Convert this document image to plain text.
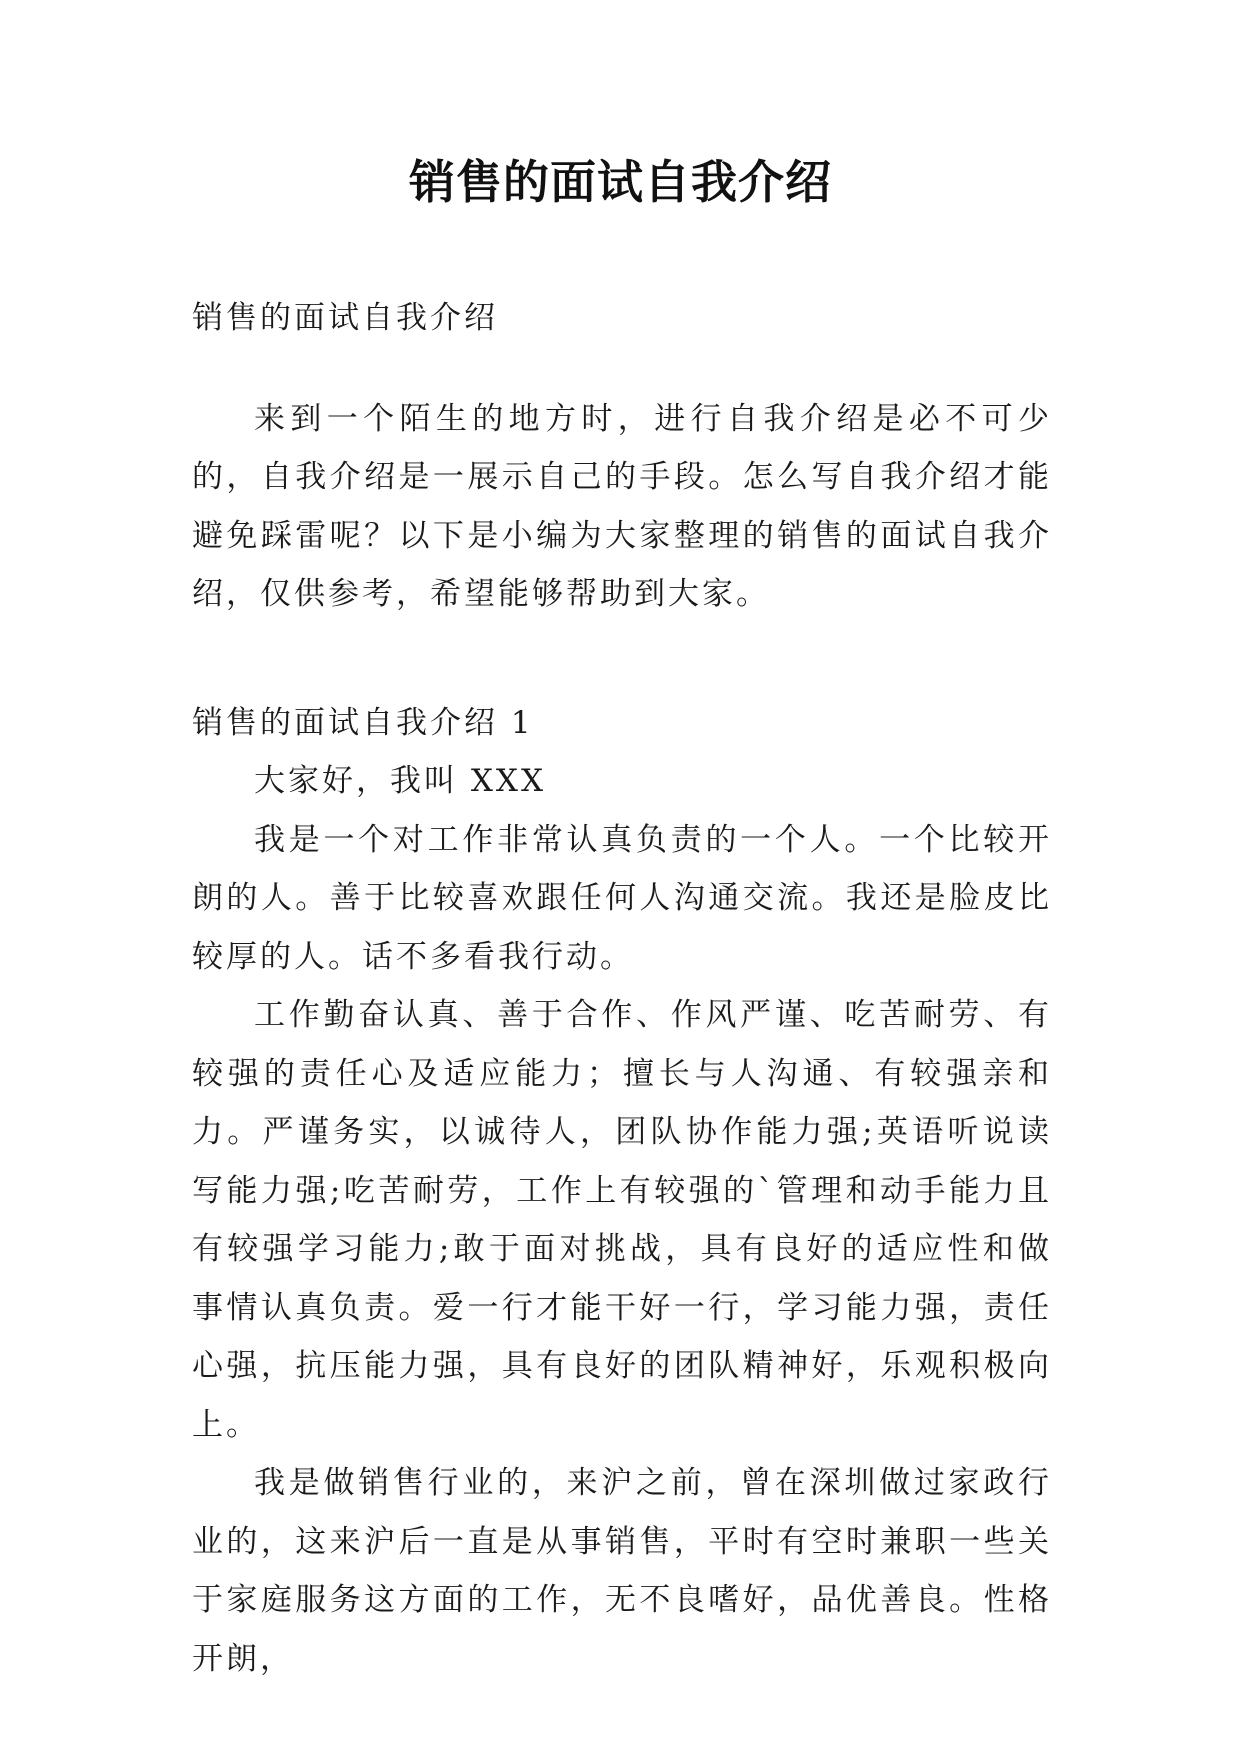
销售的面试自我介绍

销售的面试自我介绍

来到一个陌生的地方时，进行自我介绍是必不可少的，自我介绍是一展示自己的手段。怎么写自我介绍才能避免踩雷呢？以下是小编为大家整理的销售的面试自我介绍，仅供参考，希望能够帮助到大家。

销售的面试自我介绍 1

大家好，我叫 XXX

我是一个对工作非常认真负责的一个人。一个比较开朗的人。善于比较喜欢跟任何人沟通交流。我还是脸皮比较厚的人。话不多看我行动。

工作勤奋认真、善于合作、作风严谨、吃苦耐劳、有较强的责任心及适应能力；擅长与人沟通、有较强亲和力。严谨务实，以诚待人，团队协作能力强;英语听说读写能力强;吃苦耐劳，工作上有较强的`管理和动手能力且有较强学习能力;敢于面对挑战，具有良好的适应性和做事情认真负责。爱一行才能干好一行，学习能力强，责任心强，抗压能力强，具有良好的团队精神好，乐观积极向上。

我是做销售行业的，来沪之前，曾在深圳做过家政行业的，这来沪后一直是从事销售，平时有空时兼职一些关于家庭服务这方面的工作，无不良嗜好，品优善良。性格开朗，
